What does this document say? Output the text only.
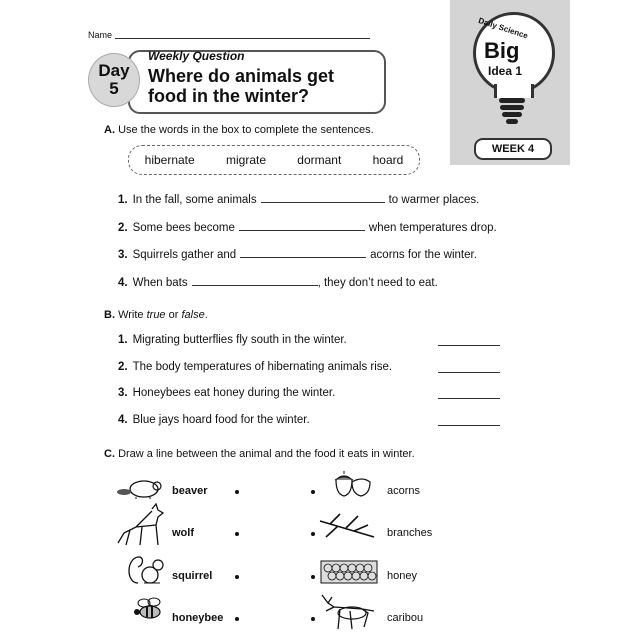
Name
Day
5
Weekly Question
Where do animals get
food in the winter?
Daily Science
Big
Idea 1
WEEK 4
A. Use the words in the box to complete the sentences.
hibernate	migrate	dormant	hoard
1. In the fall, some animals	to warmer places.
2. Some bees become	when temperatures drop.
3. Squirrels gather and	acorns for the winter.
4. When bats	, they don’t need to eat.
B. Write true or false.
1. Migrating butterflies fly south in the winter.
2. The body temperatures of hibernating animals rise.
3. Honeybees eat honey during the winter.
4. Blue jays hoard food for the winter.
C. Draw a line between the animal and the food it eats in winter.
beaver
wolf
squirrel
honeybee
acorns
branches
honey
caribou
